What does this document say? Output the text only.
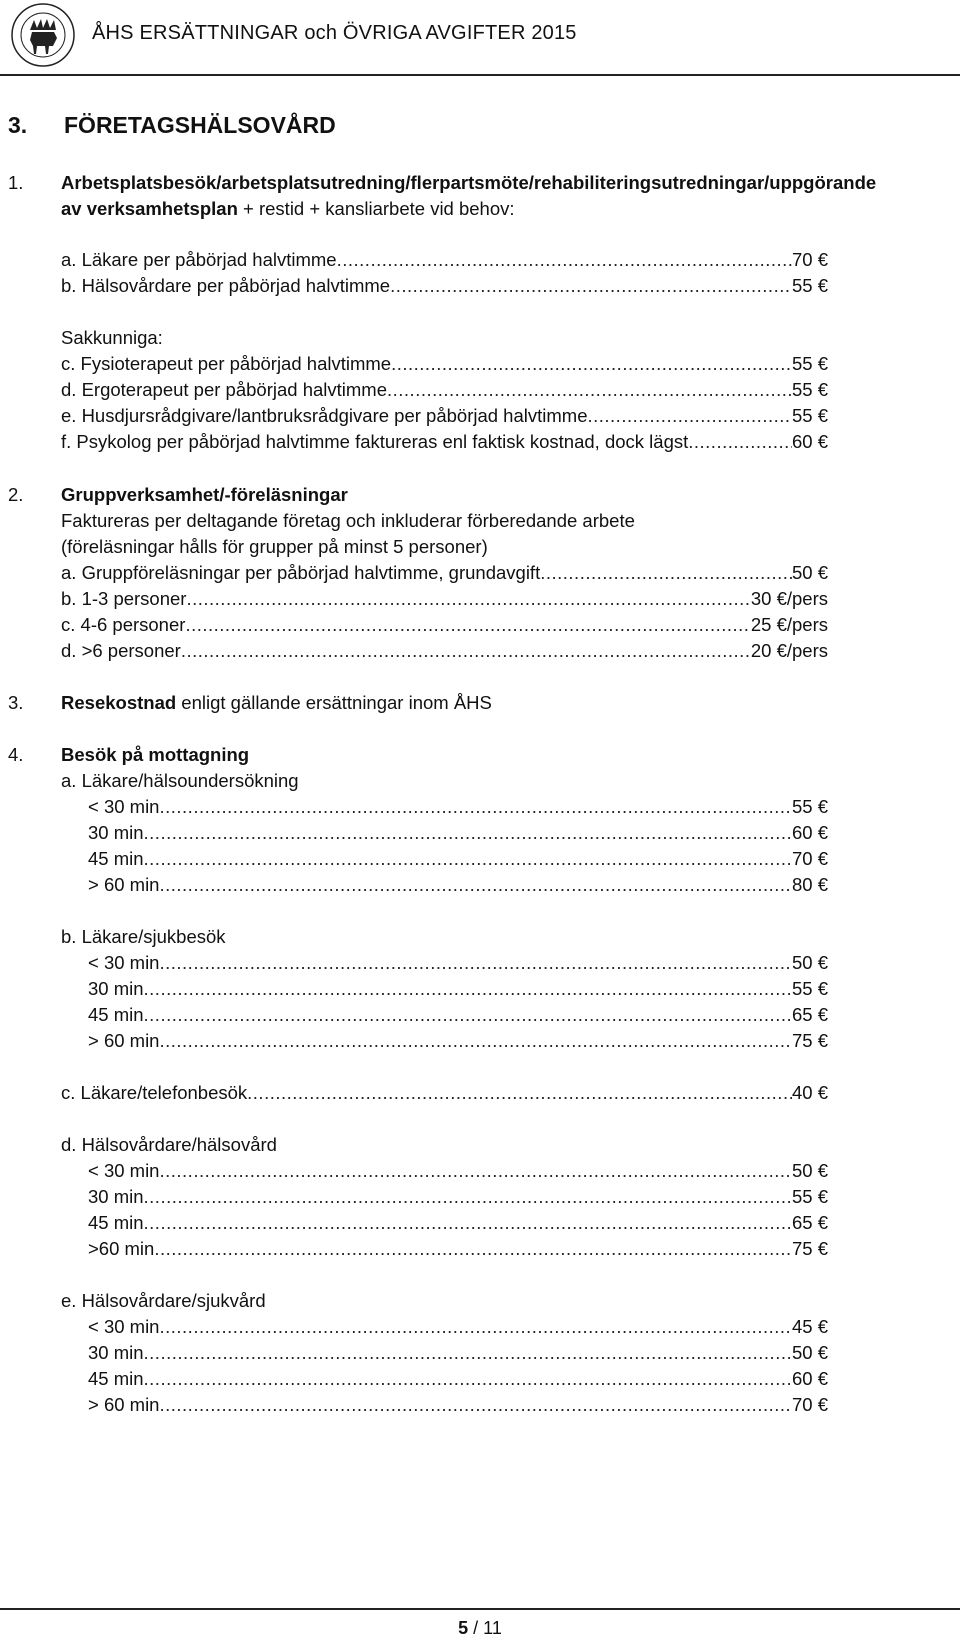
ÅHS ERSÄTTNINGAR och ÖVRIGA AVGIFTER 2015
3. FÖRETAGSHÄLSOVÅRD
1.	Arbetsplatsbesök/arbetsplatsutredning/flerpartsmöte/rehabiliteringsutredningar/uppgörande
av verksamhetsplan + restid + kansliarbete vid behov:
a. Läkare per påbörjad halvtimme .....	70 €
b. Hälsovårdare per påbörjad halvtimme .....	55 €
Sakkunniga:
c. Fysioterapeut per påbörjad halvtimme .....	55 €
d. Ergoterapeut per påbörjad halvtimme .....	55 €
e. Husdjursrådgivare/lantbruksrådgivare per påbörjad halvtimme .....	55 €
f. Psykolog per påbörjad halvtimme faktureras enl faktisk kostnad, dock lägst .....	60 €
2.	Gruppverksamhet/-föreläsningar
Faktureras per deltagande företag och inkluderar förberedande arbete
(föreläsningar hålls för grupper på minst 5 personer)
a. Gruppföreläsningar per påbörjad halvtimme, grundavgift .....	50 €
b. 1-3 personer .....	30 €/pers
c. 4-6 personer .....	25 €/pers
d. >6 personer .....	20 €/pers
3.	Resekostnad enligt gällande ersättningar inom ÅHS
4.	Besök på mottagning
a. Läkare/hälsoundersökning
< 30 min .....	55 €
30 min .....	60 €
45 min .....	70 €
> 60 min .....	80 €
b. Läkare/sjukbesök
< 30 min .....	50 €
30 min .....	55 €
45 min .....	65 €
> 60 min .....	75 €
c. Läkare/telefonbesök .....	40 €
d. Hälsovårdare/hälsovård
< 30 min .....	50 €
30 min .....	55 €
45 min .....	65 €
>60 min .....	75 €
e. Hälsovårdare/sjukvård
< 30 min .....	45 €
30 min .....	50 €
45 min .....	60 €
> 60 min .....	70 €
5 / 11
